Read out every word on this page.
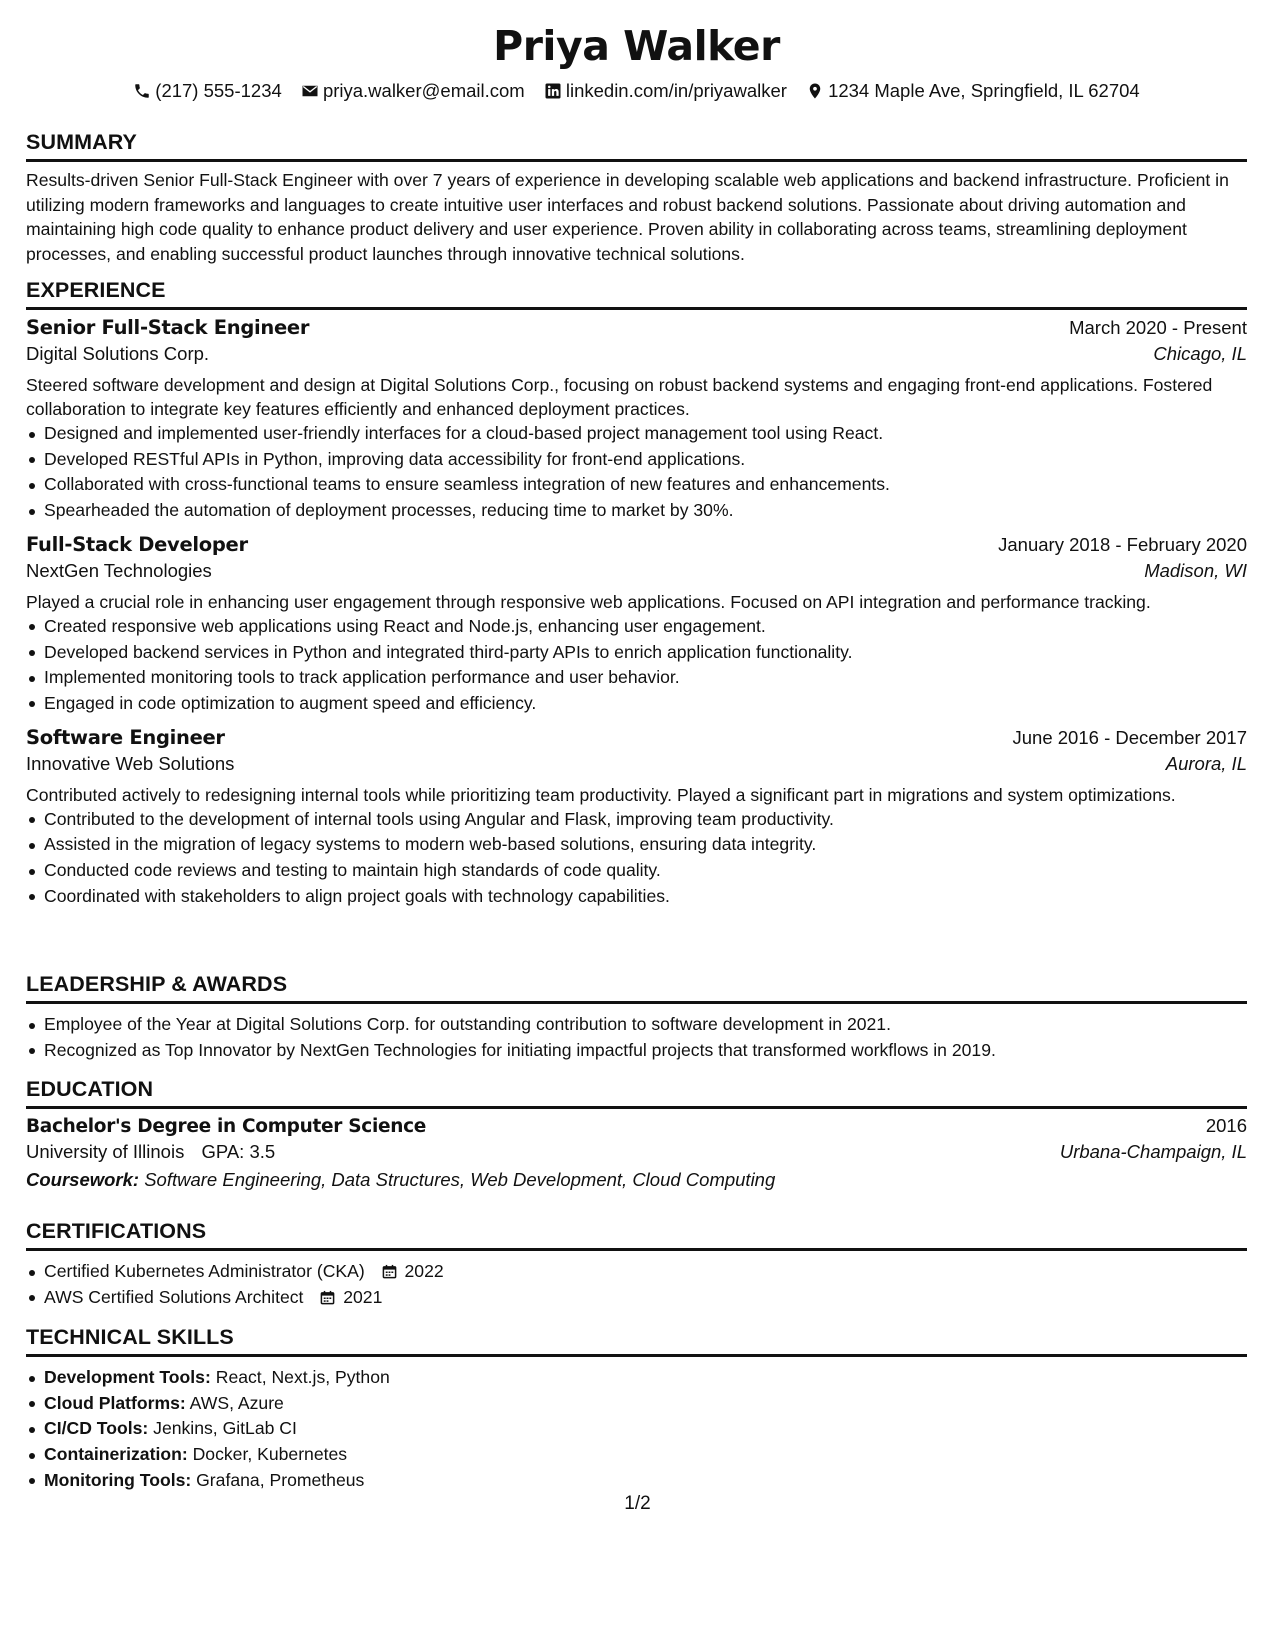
Priya Walker
(217) 555-1234
priya.walker@email.com
linkedin.com/in/priyawalker
1234 Maple Ave, Springfield, IL 62704
SUMMARY
Results-driven Senior Full-Stack Engineer with over 7 years of experience in developing scalable web applications and backend infrastructure. Proficient in utilizing modern frameworks and languages to create intuitive user interfaces and robust backend solutions. Passionate about driving automation and maintaining high code quality to enhance product delivery and user experience. Proven ability in collaborating across teams, streamlining deployment processes, and enabling successful product launches through innovative technical solutions.
EXPERIENCE
Senior Full-Stack Engineer	March 2020 - Present
Digital Solutions Corp.	Chicago, IL
Steered software development and design at Digital Solutions Corp., focusing on robust backend systems and engaging front-end applications. Fostered collaboration to integrate key features efficiently and enhanced deployment practices.
Designed and implemented user-friendly interfaces for a cloud-based project management tool using React.
Developed RESTful APIs in Python, improving data accessibility for front-end applications.
Collaborated with cross-functional teams to ensure seamless integration of new features and enhancements.
Spearheaded the automation of deployment processes, reducing time to market by 30%.
Full-Stack Developer	January 2018 - February 2020
NextGen Technologies	Madison, WI
Played a crucial role in enhancing user engagement through responsive web applications. Focused on API integration and performance tracking.
Created responsive web applications using React and Node.js, enhancing user engagement.
Developed backend services in Python and integrated third-party APIs to enrich application functionality.
Implemented monitoring tools to track application performance and user behavior.
Engaged in code optimization to augment speed and efficiency.
Software Engineer	June 2016 - December 2017
Innovative Web Solutions	Aurora, IL
Contributed actively to redesigning internal tools while prioritizing team productivity. Played a significant part in migrations and system optimizations.
Contributed to the development of internal tools using Angular and Flask, improving team productivity.
Assisted in the migration of legacy systems to modern web-based solutions, ensuring data integrity.
Conducted code reviews and testing to maintain high standards of code quality.
Coordinated with stakeholders to align project goals with technology capabilities.
LEADERSHIP & AWARDS
Employee of the Year at Digital Solutions Corp. for outstanding contribution to software development in 2021.
Recognized as Top Innovator by NextGen Technologies for initiating impactful projects that transformed workflows in 2019.
EDUCATION
Bachelor's Degree in Computer Science	2016
University of Illinois GPA: 3.5	Urbana-Champaign, IL
Coursework: Software Engineering, Data Structures, Web Development, Cloud Computing
CERTIFICATIONS
Certified Kubernetes Administrator (CKA) 2022
AWS Certified Solutions Architect 2021
TECHNICAL SKILLS
Development Tools: React, Next.js, Python
Cloud Platforms: AWS, Azure
CI/CD Tools: Jenkins, GitLab CI
Containerization: Docker, Kubernetes
Monitoring Tools: Grafana, Prometheus
1/2
